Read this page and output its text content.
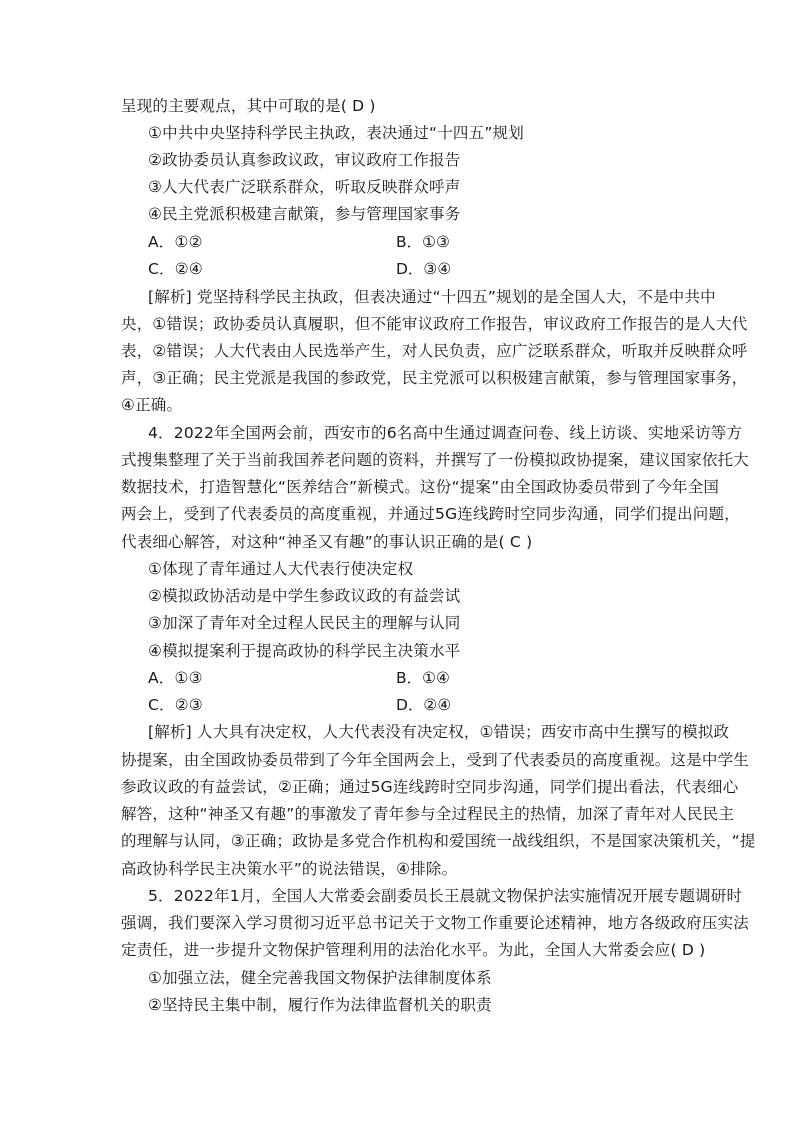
呈现的主要观点，其中可取的是( D )
①中共中央坚持科学民主执政，表决通过“十四五”规划
②政协委员认真参政议政，审议政府工作报告
③人大代表广泛联系群众，听取反映群众呼声
④民主党派积极建言献策，参与管理国家事务
A．①②	B．①③
C．②④	D．③④
[解析] 党坚持科学民主执政，但表决通过“十四五”规划的是全国人大，不是中共中
央，①错误；政协委员认真履职，但不能审议政府工作报告，审议政府工作报告的是人大代
表，②错误；人大代表由人民选举产生，对人民负责，应广泛联系群众，听取并反映群众呼
声，③正确；民主党派是我国的参政党，民主党派可以积极建言献策，参与管理国家事务，
④正确。
4．2022年全国两会前，西安市的6名高中生通过调查问卷、线上访谈、实地采访等方
式搜集整理了关于当前我国养老问题的资料，并撰写了一份模拟政协提案，建议国家依托大
数据技术，打造智慧化“医养结合”新模式。这份“提案”由全国政协委员带到了今年全国
两会上，受到了代表委员的高度重视，并通过5G连线跨时空同步沟通，同学们提出问题，
代表细心解答，对这种“神圣又有趣”的事认识正确的是( C )
①体现了青年通过人大代表行使决定权
②模拟政协活动是中学生参政议政的有益尝试
③加深了青年对全过程人民民主的理解与认同
④模拟提案利于提高政协的科学民主决策水平
A．①③	B．①④
C．②③	D．②④
[解析] 人大具有决定权，人大代表没有决定权，①错误；西安市高中生撰写的模拟政
协提案，由全国政协委员带到了今年全国两会上，受到了代表委员的高度重视。这是中学生
参政议政的有益尝试，②正确；通过5G连线跨时空同步沟通，同学们提出看法，代表细心
解答，这种“神圣又有趣”的事激发了青年参与全过程民主的热情，加深了青年对人民民主
的理解与认同，③正确；政协是多党合作机构和爱国统一战线组织，不是国家决策机关，“提
高政协科学民主决策水平”的说法错误，④排除。
5．2022年1月，全国人大常委会副委员长王晨就文物保护法实施情况开展专题调研时
强调，我们要深入学习贯彻习近平总书记关于文物工作重要论述精神，地方各级政府压实法
定责任，进一步提升文物保护管理利用的法治化水平。为此，全国人大常委会应( D )
①加强立法，健全完善我国文物保护法律制度体系
②坚持民主集中制，履行作为法律监督机关的职责
